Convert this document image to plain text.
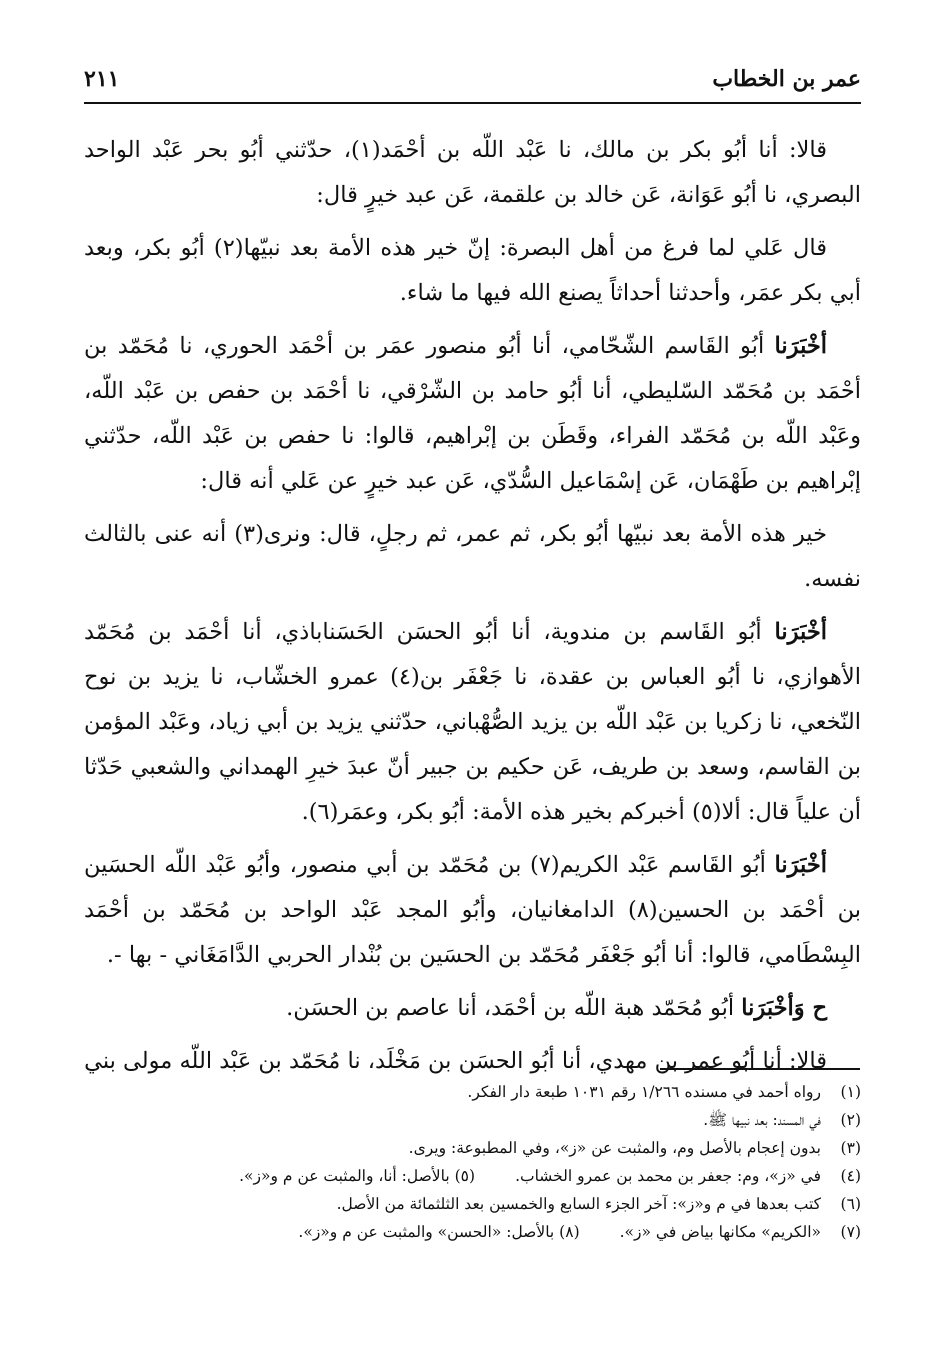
عمر بن الخطاب
٢١١

قالا: أنا أبُو بكر بن مالك، نا عَبْد اللّه بن أحْمَد(١)، حدّثني أبُو بحر عَبْد الواحد البصري، نا أبُو عَوَانة، عَن خالد بن علقمة، عَن عبد خيرٍ قال:

قال عَلي لما فرغ من أهل البصرة: إنّ خير هذه الأمة بعد نبيّها(٢) أبُو بكر، وبعد أبي بكر عمَر، وأحدثنا أحداثاً يصنع الله فيها ما شاء.

أخْبَرَنا أبُو القَاسم الشّحّامي، أنا أبُو منصور عمَر بن أحْمَد الحوري، نا مُحَمّد بن أحْمَد بن مُحَمّد السّليطي، أنا أبُو حامد بن الشّرْقي، نا أحْمَد بن حفص بن عَبْد اللّه، وعَبْد اللّه بن مُحَمّد الفراء، وقَطَن بن إبْراهيم، قالوا: نا حفص بن عَبْد اللّه، حدّثني إبْراهيم بن طَهْمَان، عَن إسْمَاعيل السُّدّي، عَن عبد خيرٍ عن عَلي أنه قال:

خير هذه الأمة بعد نبيّها أبُو بكر، ثم عمر، ثم رجلٍ، قال: ونرى(٣) أنه عنى بالثالث نفسه.

أخْبَرَنا أبُو القَاسم بن مندوية، أنا أبُو الحسَن الحَسَناباذي، أنا أحْمَد بن مُحَمّد الأهوازي، نا أبُو العباس بن عقدة، نا جَعْفَر بن(٤) عمرو الخشّاب، نا يزيد بن نوح النّخعي، نا زكريا بن عَبْد اللّه بن يزيد الصُّهْباني، حدّثني يزيد بن أبي زياد، وعَبْد المؤمن بن القاسم، وسعد بن طريف، عَن حكيم بن جبير أنّ عبدَ خيرِ الهمداني والشعبي حَدّثا أن علياً قال: ألا(٥) أخبركم بخير هذه الأمة: أبُو بكر، وعمَر(٦).

أخْبَرَنا أبُو القَاسم عَبْد الكريم(٧) بن مُحَمّد بن أبي منصور، وأبُو عَبْد اللّه الحسَين بن أحْمَد بن الحسين(٨) الدامغانيان، وأبُو المجد عَبْد الواحد بن مُحَمّد بن أحْمَد البِسْطَامي، قالوا: أنا أبُو جَعْفَر مُحَمّد بن الحسَين بن بُنْدار الحربي الدَّامَغَاني - بها -.

ح وَأخْبَرَنا أبُو مُحَمّد هبة اللّه بن أحْمَد، أنا عاصم بن الحسَن.

قالا: أنا أبُو عمر بن مهدي، أنا أبُو الحسَن بن مَخْلَد، نا مُحَمّد بن عَبْد اللّه مولى بني

(١)رواه أحمد في مسنده ١/٢٦٦ رقم ١٠٣١ طبعة دار الفكر.
(٢)في المسند: بعد نبيها ﷺ.
(٣)بدون إعجام بالأصل وم، والمثبت عن «ز»، وفي المطبوعة: ويرى.
(٤)في «ز»، وم: جعفر بن محمد بن عمرو الخشاب.(٥) بالأصل: أنا، والمثبت عن م و«ز».
(٦)كتب بعدها في م و«ز»: آخر الجزء السابع والخمسين بعد الثلثمائة من الأصل.
(٧)«الكريم» مكانها بياض في «ز».(٨) بالأصل: «الحسن» والمثبت عن م و«ز».
